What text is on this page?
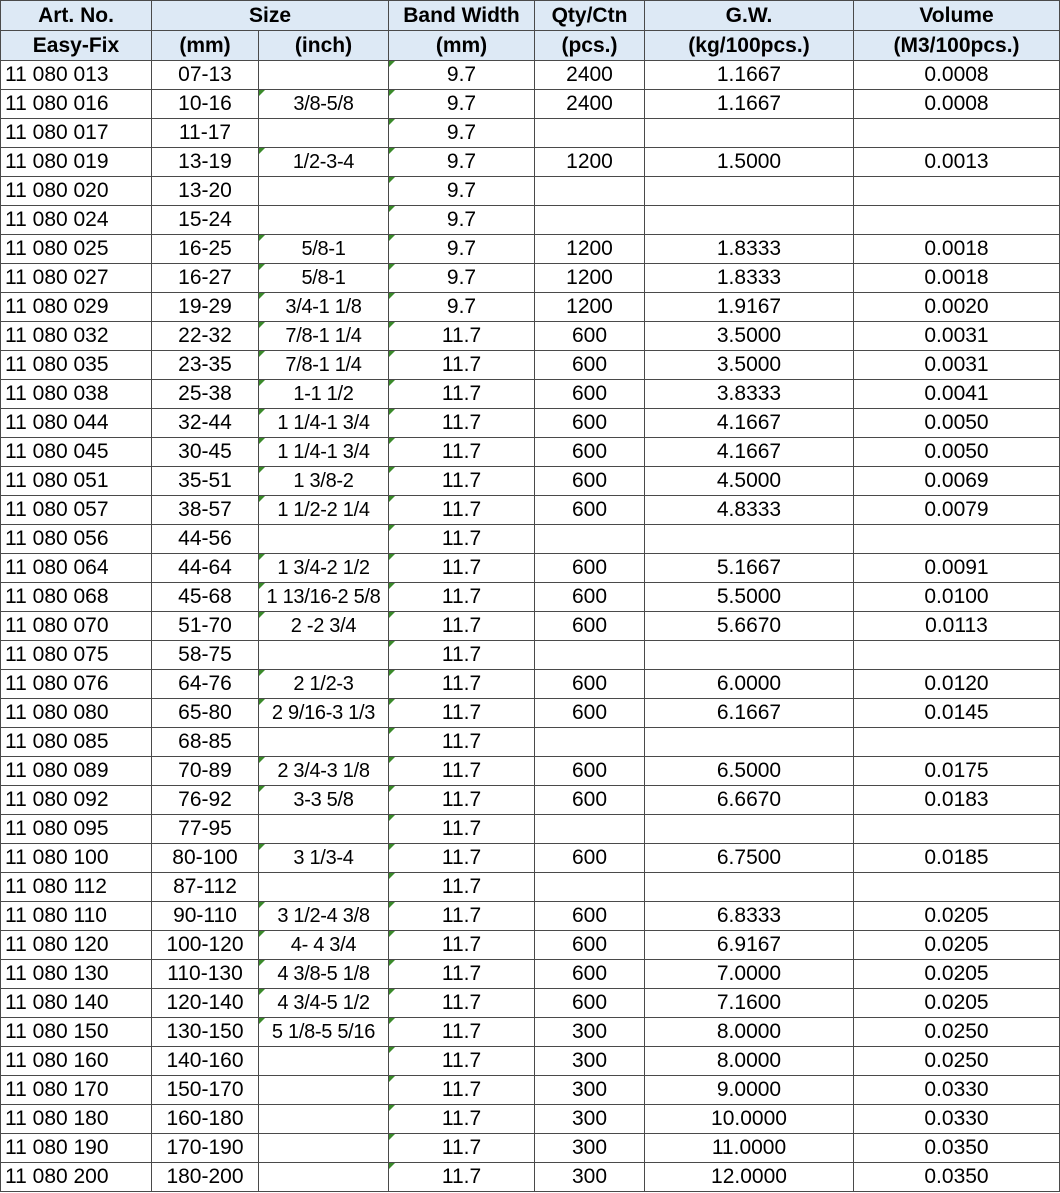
Art. No.	Size		Band Width	Qty/Ctn	G.W.	Volume
Easy-Fix	(mm)	(inch)	(mm)	(pcs.)	(kg/100pcs.)	(M3/100pcs.)
11 080 013	07-13		9.7	2400	1.1667	0.0008
11 080 016	10-16	3/8-5/8	9.7	2400	1.1667	0.0008
11 080 017	11-17		9.7			
11 080 019	13-19	1/2-3-4	9.7	1200	1.5000	0.0013
11 080 020	13-20		9.7			
11 080 024	15-24		9.7			
11 080 025	16-25	5/8-1	9.7	1200	1.8333	0.0018
11 080 027	16-27	5/8-1	9.7	1200	1.8333	0.0018
11 080 029	19-29	3/4-1 1/8	9.7	1200	1.9167	0.0020
11 080 032	22-32	7/8-1 1/4	11.7	600	3.5000	0.0031
11 080 035	23-35	7/8-1 1/4	11.7	600	3.5000	0.0031
11 080 038	25-38	1-1 1/2	11.7	600	3.8333	0.0041
11 080 044	32-44	1 1/4-1 3/4	11.7	600	4.1667	0.0050
11 080 045	30-45	1 1/4-1 3/4	11.7	600	4.1667	0.0050
11 080 051	35-51	1 3/8-2	11.7	600	4.5000	0.0069
11 080 057	38-57	1 1/2-2 1/4	11.7	600	4.8333	0.0079
11 080 056	44-56		11.7			
11 080 064	44-64	1 3/4-2 1/2	11.7	600	5.1667	0.0091
11 080 068	45-68	1 13/16-2 5/8	11.7	600	5.5000	0.0100
11 080 070	51-70	2 -2 3/4	11.7	600	5.6670	0.0113
11 080 075	58-75		11.7			
11 080 076	64-76	2 1/2-3	11.7	600	6.0000	0.0120
11 080 080	65-80	2 9/16-3 1/3	11.7	600	6.1667	0.0145
11 080 085	68-85		11.7			
11 080 089	70-89	2 3/4-3 1/8	11.7	600	6.5000	0.0175
11 080 092	76-92	3-3 5/8	11.7	600	6.6670	0.0183
11 080 095	77-95		11.7			
11 080 100	80-100	3 1/3-4	11.7	600	6.7500	0.0185
11 080 112	87-112		11.7			
11 080 110	90-110	3 1/2-4 3/8	11.7	600	6.8333	0.0205
11 080 120	100-120	4- 4 3/4	11.7	600	6.9167	0.0205
11 080 130	110-130	4 3/8-5 1/8	11.7	600	7.0000	0.0205
11 080 140	120-140	4 3/4-5 1/2	11.7	600	7.1600	0.0205
11 080 150	130-150	5 1/8-5 5/16	11.7	300	8.0000	0.0250
11 080 160	140-160		11.7	300	8.0000	0.0250
11 080 170	150-170		11.7	300	9.0000	0.0330
11 080 180	160-180		11.7	300	10.0000	0.0330
11 080 190	170-190		11.7	300	11.0000	0.0350
11 080 200	180-200		11.7	300	12.0000	0.0350
